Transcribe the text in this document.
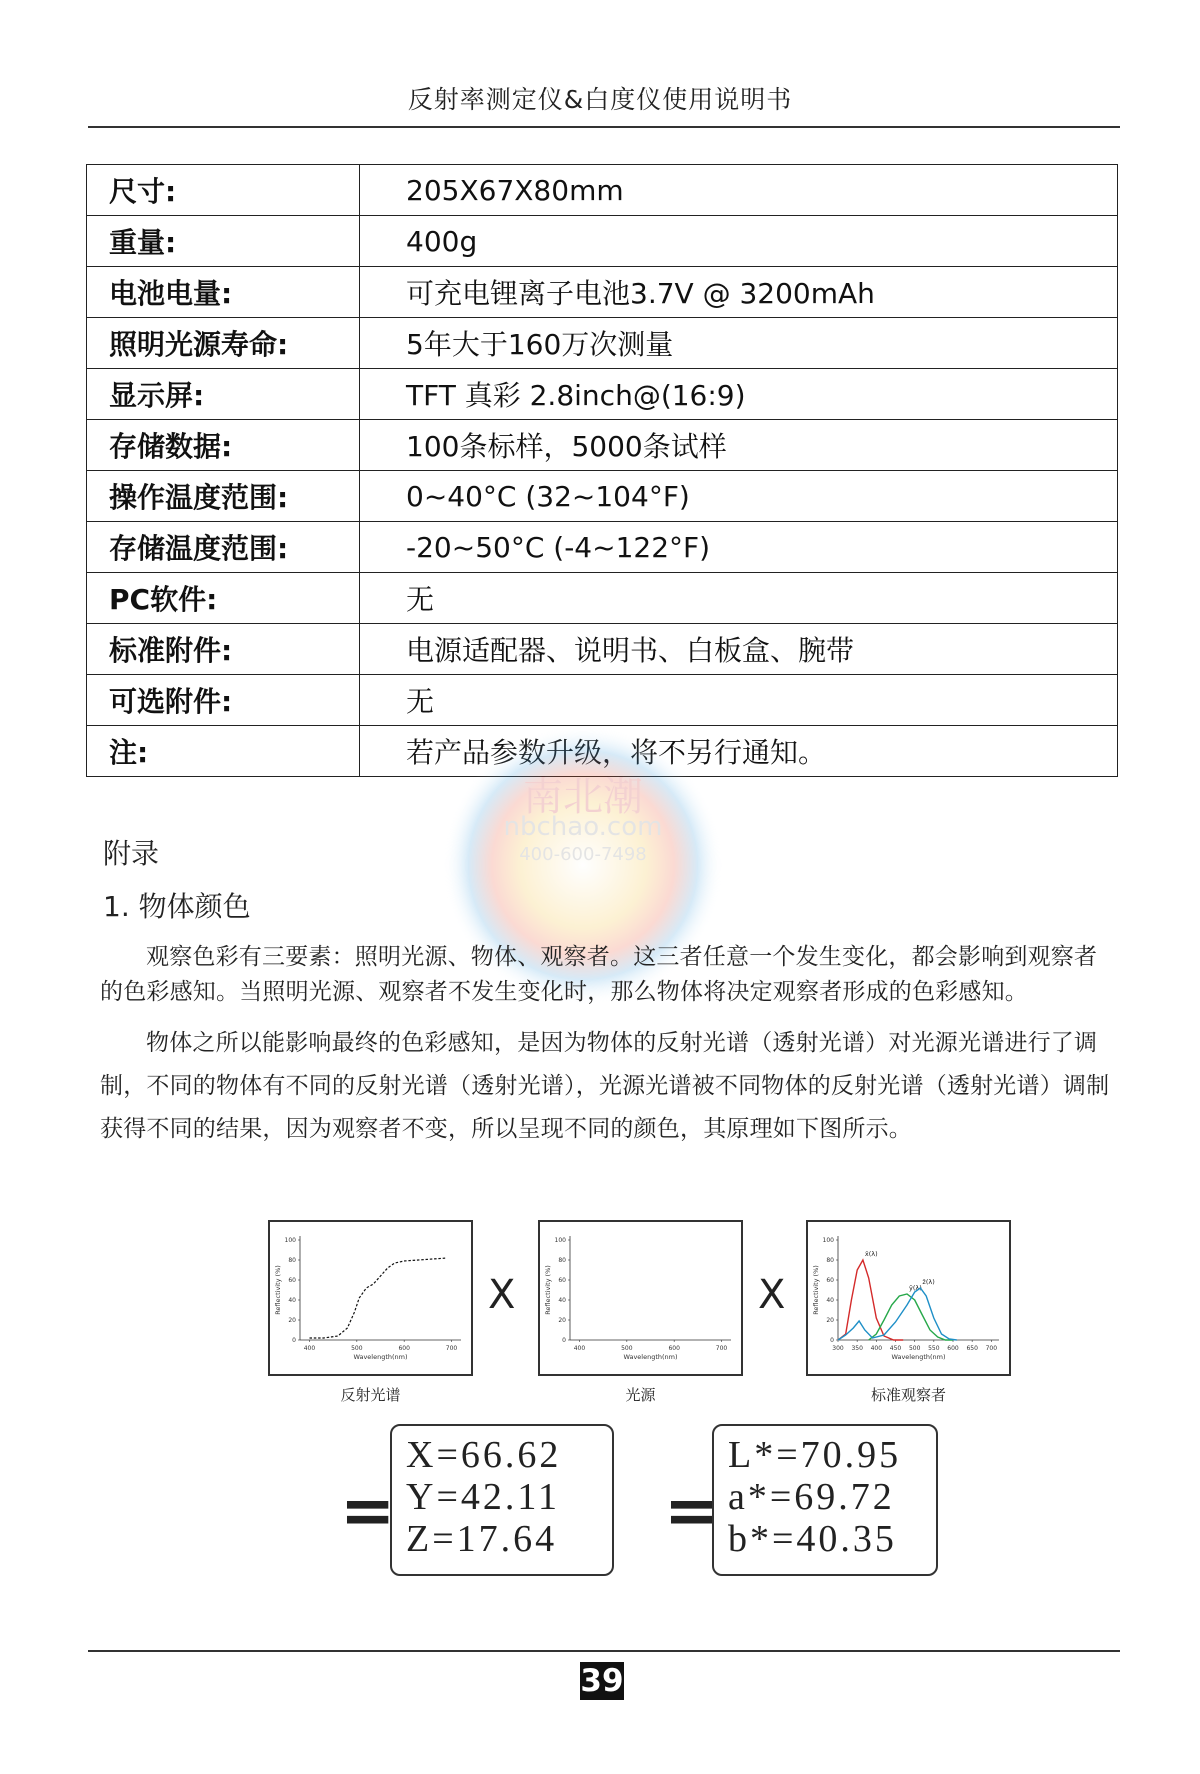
反射率测定仪&白度仪使用说明书
尺寸:	205X67X80mm
重量:	400g
电池电量:	可充电锂离子电池3.7V @ 3200mAh
照明光源寿命:	5年大于160万次测量
显示屏:	TFT 真彩 2.8inch@(16:9)
存储数据:	100条标样，5000条试样
操作温度范围:	0~40°C (32~104°F)
存储温度范围:	-20~50°C (-4~122°F)
PC软件:	无
标准附件:	电源适配器、说明书、白板盒、腕带
可选附件:	无
注:	若产品参数升级，将不另行通知。
南北潮
nbchao.com
400-600-7498
附录
1. 物体颜色
观察色彩有三要素：照明光源、物体、观察者。这三者任意一个发生变化，都会影响到观察者的色彩感知。当照明光源、观察者不发生变化时，那么物体将决定观察者形成的色彩感知。
物体之所以能影响最终的色彩感知，是因为物体的反射光谱（透射光谱）对光源光谱进行了调制，不同的物体有不同的反射光谱（透射光谱），光源光谱被不同物体的反射光谱（透射光谱）调制获得不同的结果，因为观察者不变，所以呈现不同的颜色，其原理如下图所示。
0
20
40
60
80
100
400	500	600	700
Wavelength(nm)
Reflectivity (%)
反射光谱
X
0
20
40
60
80
100
400	500	600	700
Wavelength(nm)
Reflectivity (%)
光源
X
0
20
40
60
80
100
300 350 400 450 500 550 600 650 700
Wavelength(nm)
Reflectivity (%)
x̄(λ)
ȳ(λ)
z̄(λ)
标准观察者
=
X=66.62
Y=42.11
Z=17.64	=
L*=70.95
a*=69.72
b*=40.35
39
